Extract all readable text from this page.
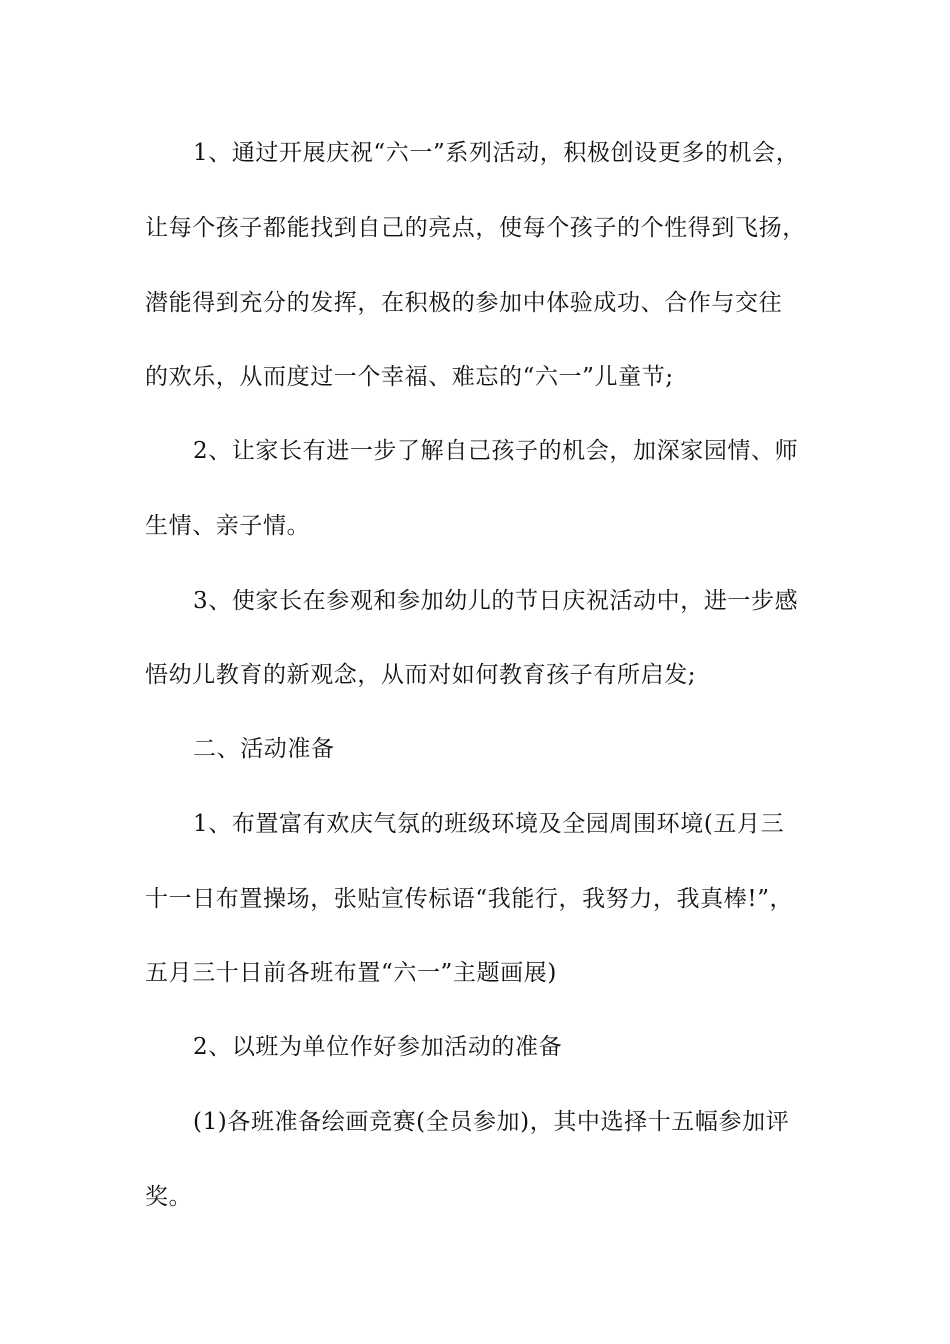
1、通过开展庆祝“六一”系列活动，积极创设更多的机会，
让每个孩子都能找到自己的亮点，使每个孩子的个性得到飞扬，
潜能得到充分的发挥，在积极的参加中体验成功、合作与交往
的欢乐，从而度过一个幸福、难忘的“六一”儿童节;
2、让家长有进一步了解自己孩子的机会，加深家园情、师
生情、亲子情。
3、使家长在参观和参加幼儿的节日庆祝活动中，进一步感
悟幼儿教育的新观念，从而对如何教育孩子有所启发;
二、活动准备
1、布置富有欢庆气氛的班级环境及全园周围环境(五月三
十一日布置操场，张贴宣传标语“我能行，我努力，我真棒!”，
五月三十日前各班布置“六一”主题画展)
2、以班为单位作好参加活动的准备
(1)各班准备绘画竞赛(全员参加)，其中选择十五幅参加评
奖。
